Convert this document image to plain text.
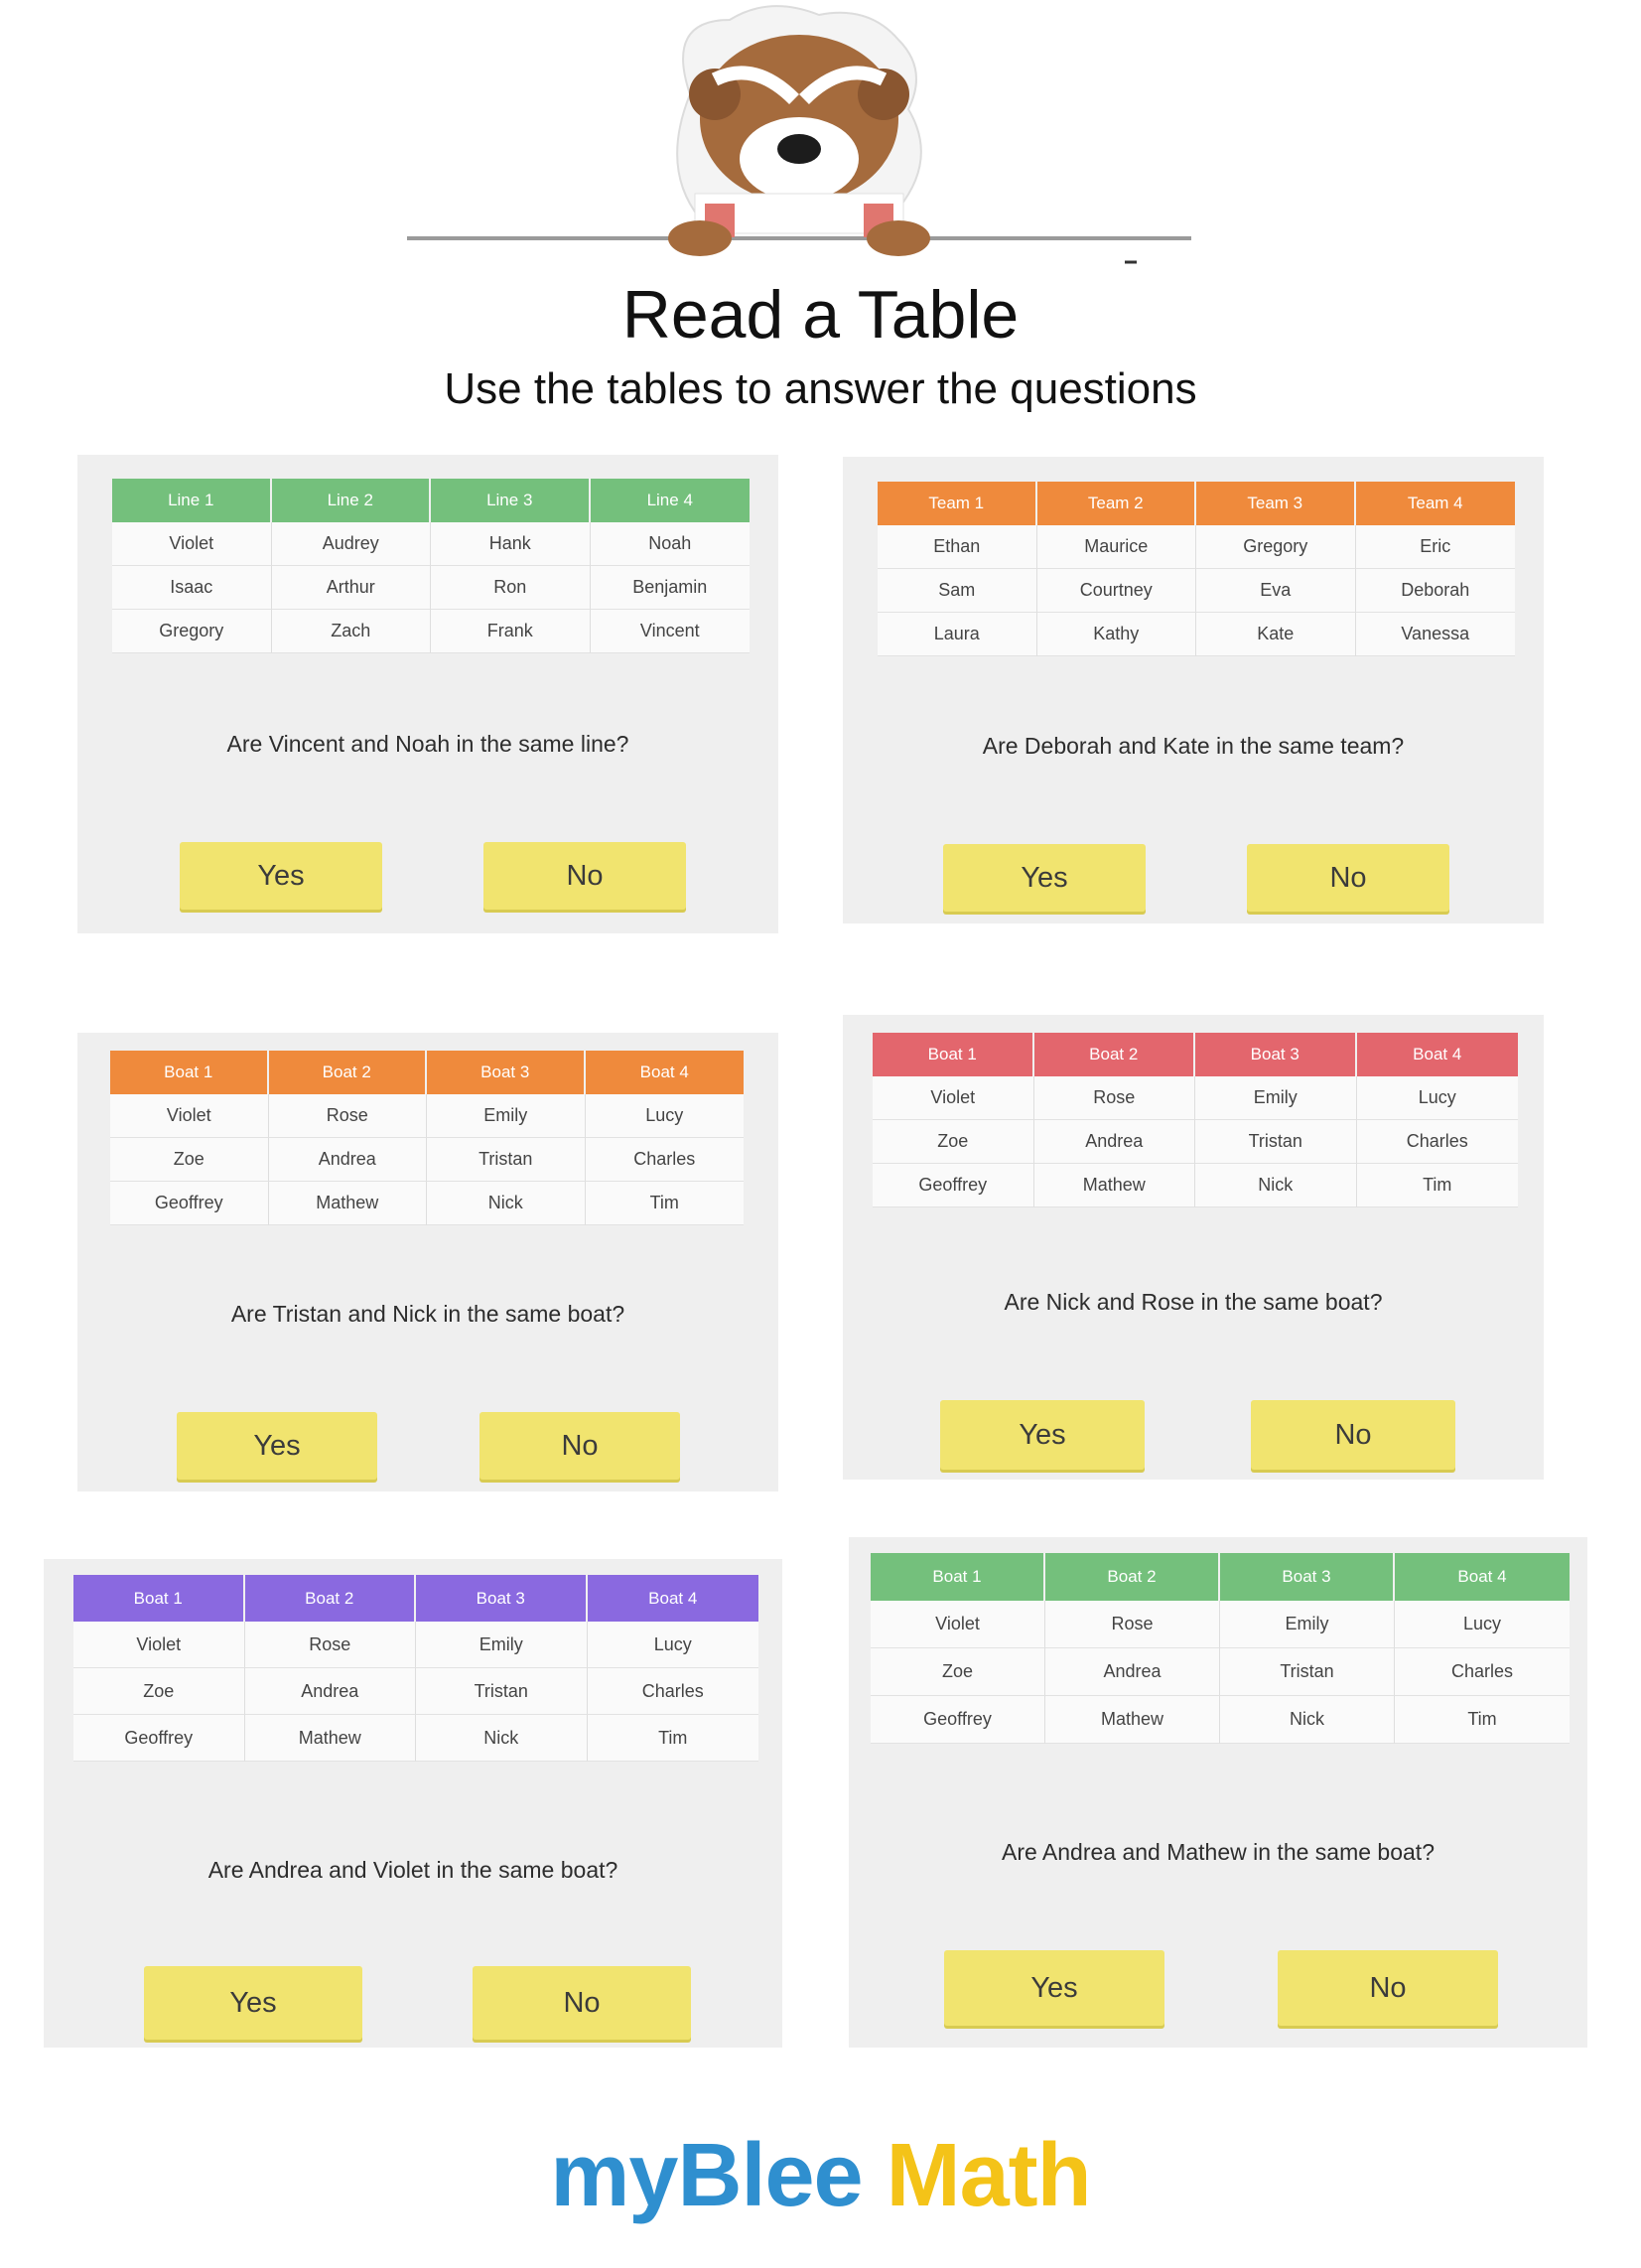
Read a Table
Use the tables to answer the questions
Line 1	Line 2	Line 3	Line 4
Violet	Audrey	Hank	Noah
Isaac	Arthur	Ron	Benjamin
Gregory	Zach	Frank	Vincent
Are Vincent and Noah in the same line?
Yes	No
Team 1	Team 2	Team 3	Team 4
Ethan	Maurice	Gregory	Eric
Sam	Courtney	Eva	Deborah
Laura	Kathy	Kate	Vanessa
Are Deborah and Kate in the same team?
Yes	No
Boat 1	Boat 2	Boat 3	Boat 4
Violet	Rose	Emily	Lucy
Zoe	Andrea	Tristan	Charles
Geoffrey	Mathew	Nick	Tim
Are Tristan and Nick in the same boat?
Yes	No
Boat 1	Boat 2	Boat 3	Boat 4
Violet	Rose	Emily	Lucy
Zoe	Andrea	Tristan	Charles
Geoffrey	Mathew	Nick	Tim
Are Nick and Rose in the same boat?
Yes	No
Boat 1	Boat 2	Boat 3	Boat 4
Violet	Rose	Emily	Lucy
Zoe	Andrea	Tristan	Charles
Geoffrey	Mathew	Nick	Tim
Are Andrea and Violet in the same boat?
Yes	No
Boat 1	Boat 2	Boat 3	Boat 4
Violet	Rose	Emily	Lucy
Zoe	Andrea	Tristan	Charles
Geoffrey	Mathew	Nick	Tim
Are Andrea and Mathew in the same boat?
Yes	No
myBlee Math
